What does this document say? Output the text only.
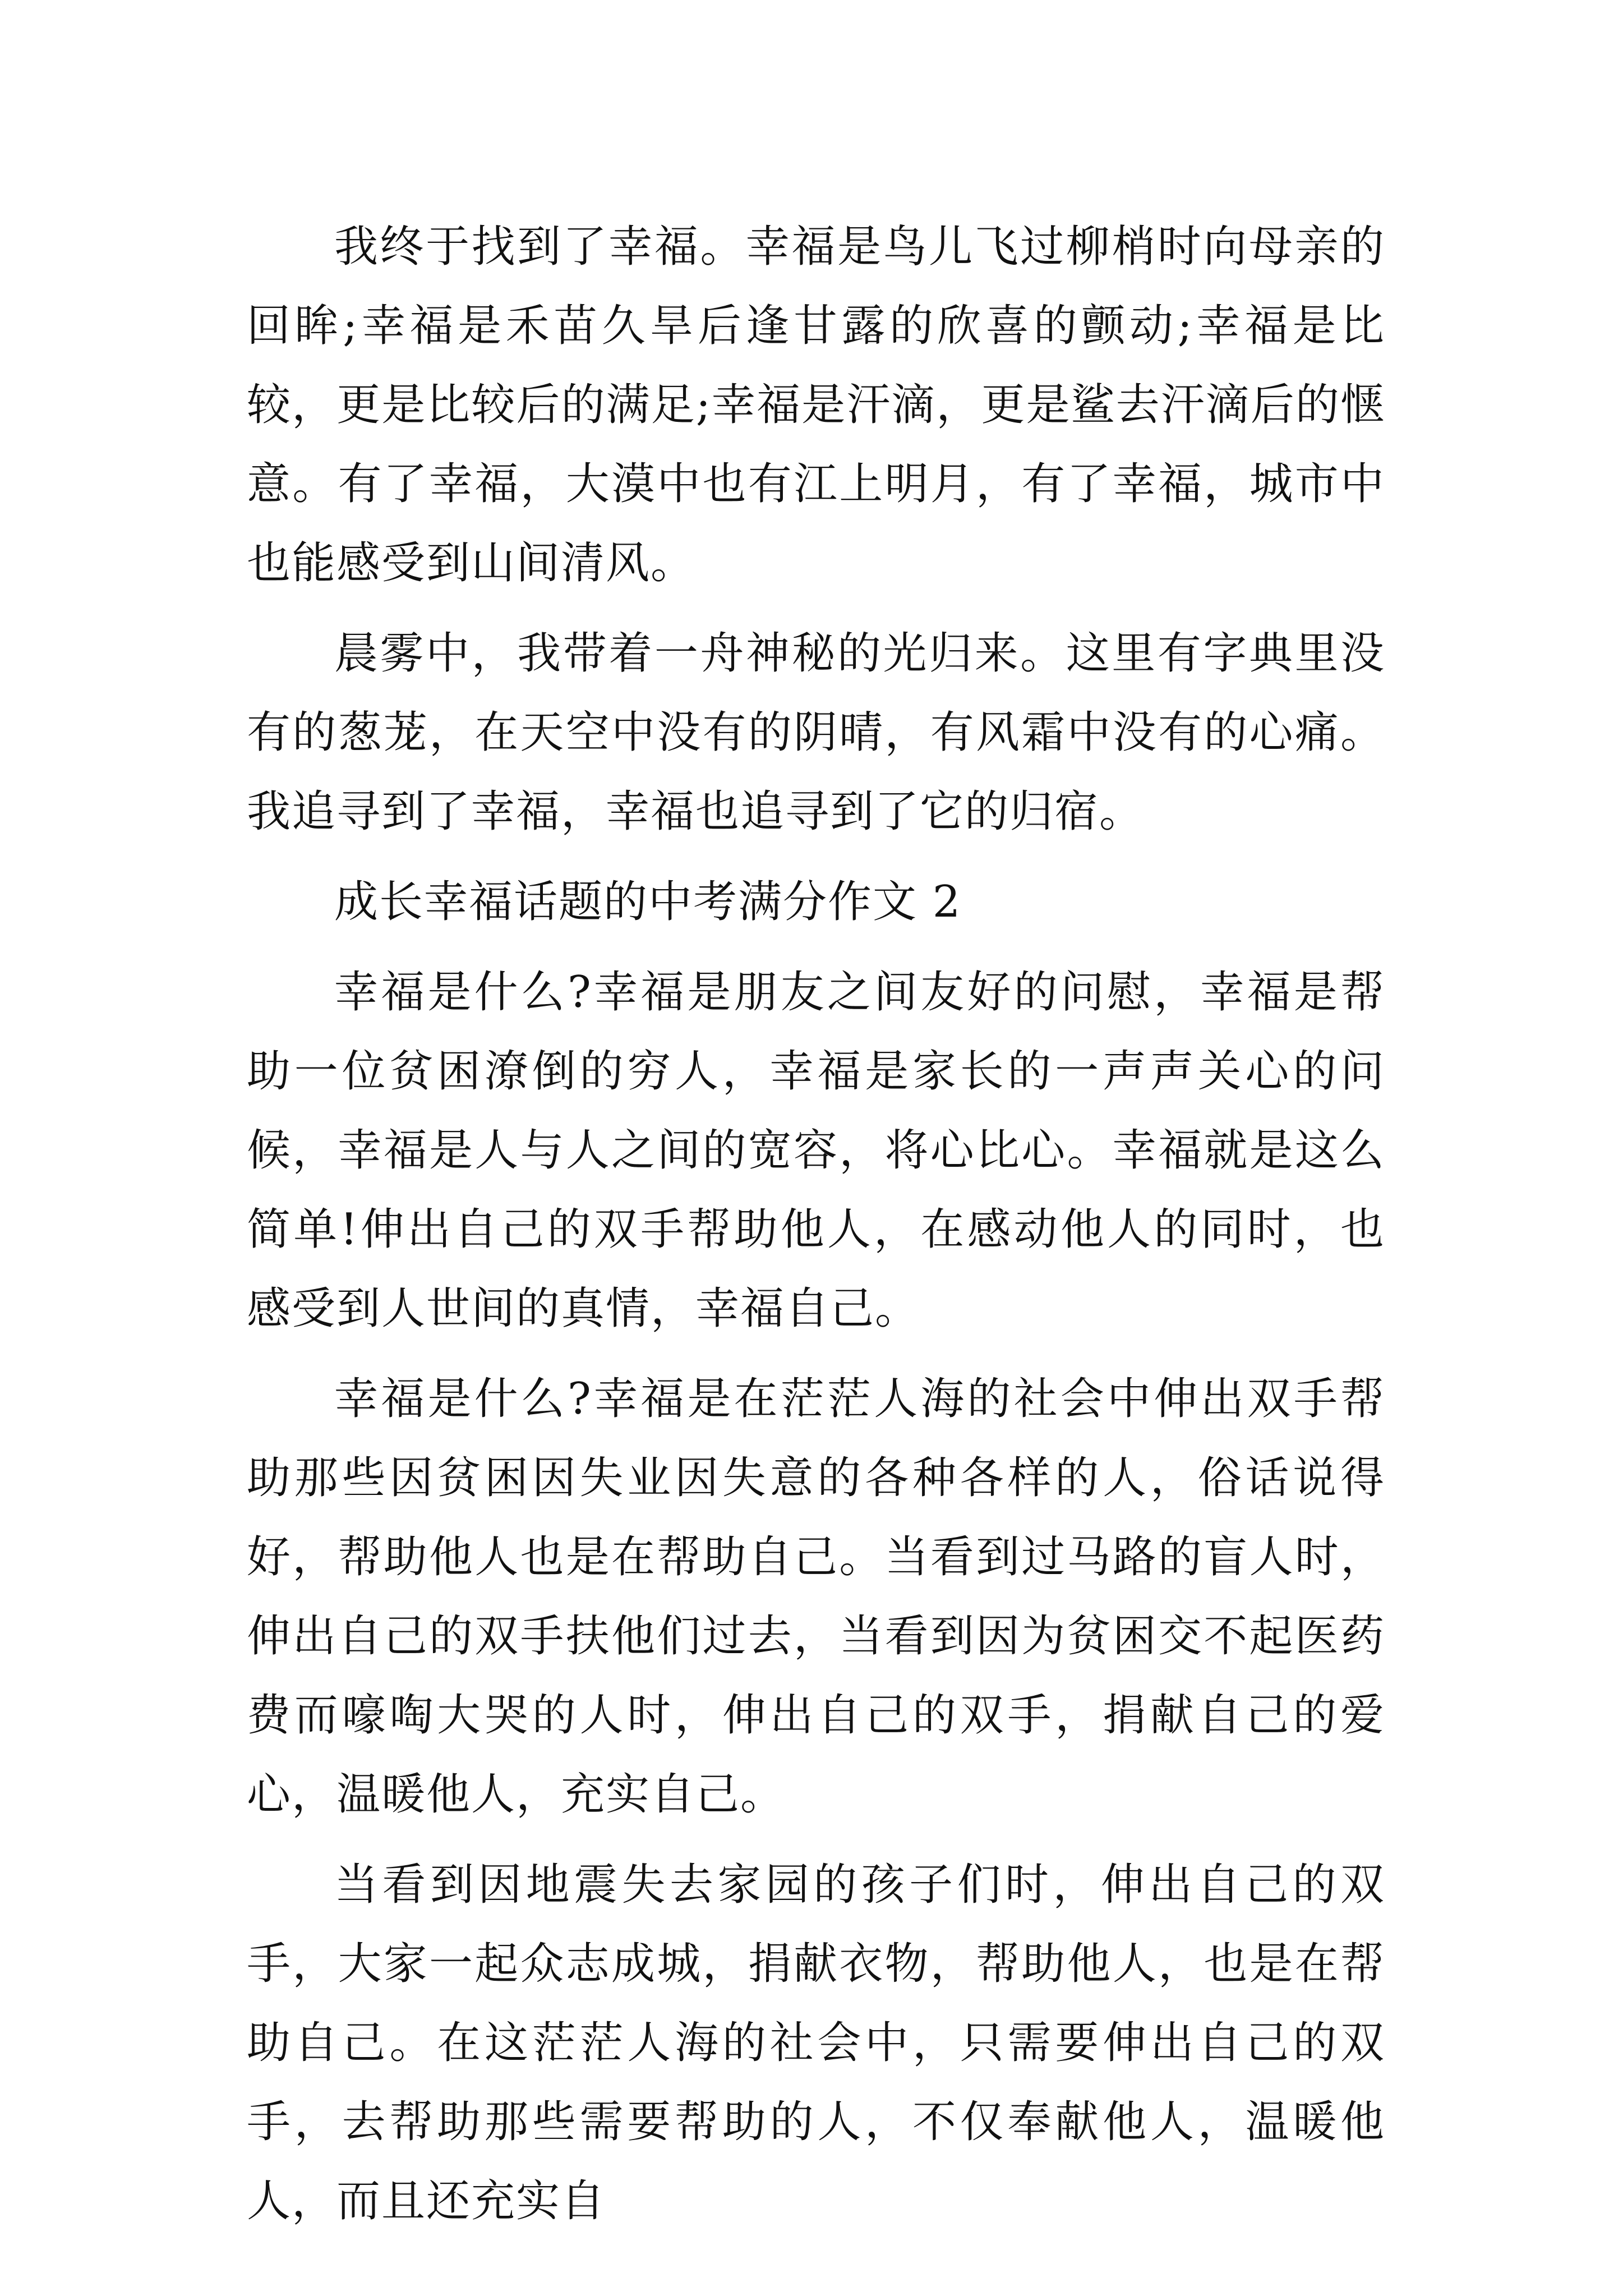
我终于找到了幸福。幸福是鸟儿飞过柳梢时向母亲的回眸;幸福是禾苗久旱后逢甘露的欣喜的颤动;幸福是比较，更是比较后的满足;幸福是汗滴，更是鲨去汗滴后的惬意。有了幸福，大漠中也有江上明月，有了幸福，城市中也能感受到山间清风。

晨雾中，我带着一舟神秘的光归来。这里有字典里没有的葱茏，在天空中没有的阴晴，有风霜中没有的心痛。我追寻到了幸福，幸福也追寻到了它的归宿。

成长幸福话题的中考满分作文 2

幸福是什么?幸福是朋友之间友好的问慰，幸福是帮助一位贫困潦倒的穷人，幸福是家长的一声声关心的问候，幸福是人与人之间的宽容，将心比心。幸福就是这么简单!伸出自己的双手帮助他人，在感动他人的同时，也感受到人世间的真情，幸福自己。

幸福是什么?幸福是在茫茫人海的社会中伸出双手帮助那些因贫困因失业因失意的各种各样的人，俗话说得好，帮助他人也是在帮助自己。当看到过马路的盲人时，伸出自己的双手扶他们过去，当看到因为贫困交不起医药费而嚎啕大哭的人时，伸出自己的双手，捐献自己的爱心，温暖他人，充实自己。

当看到因地震失去家园的孩子们时，伸出自己的双手，大家一起众志成城，捐献衣物，帮助他人，也是在帮助自己。在这茫茫人海的社会中，只需要伸出自己的双手，去帮助那些需要帮助的人，不仅奉献他人，温暖他人，而且还充实自
